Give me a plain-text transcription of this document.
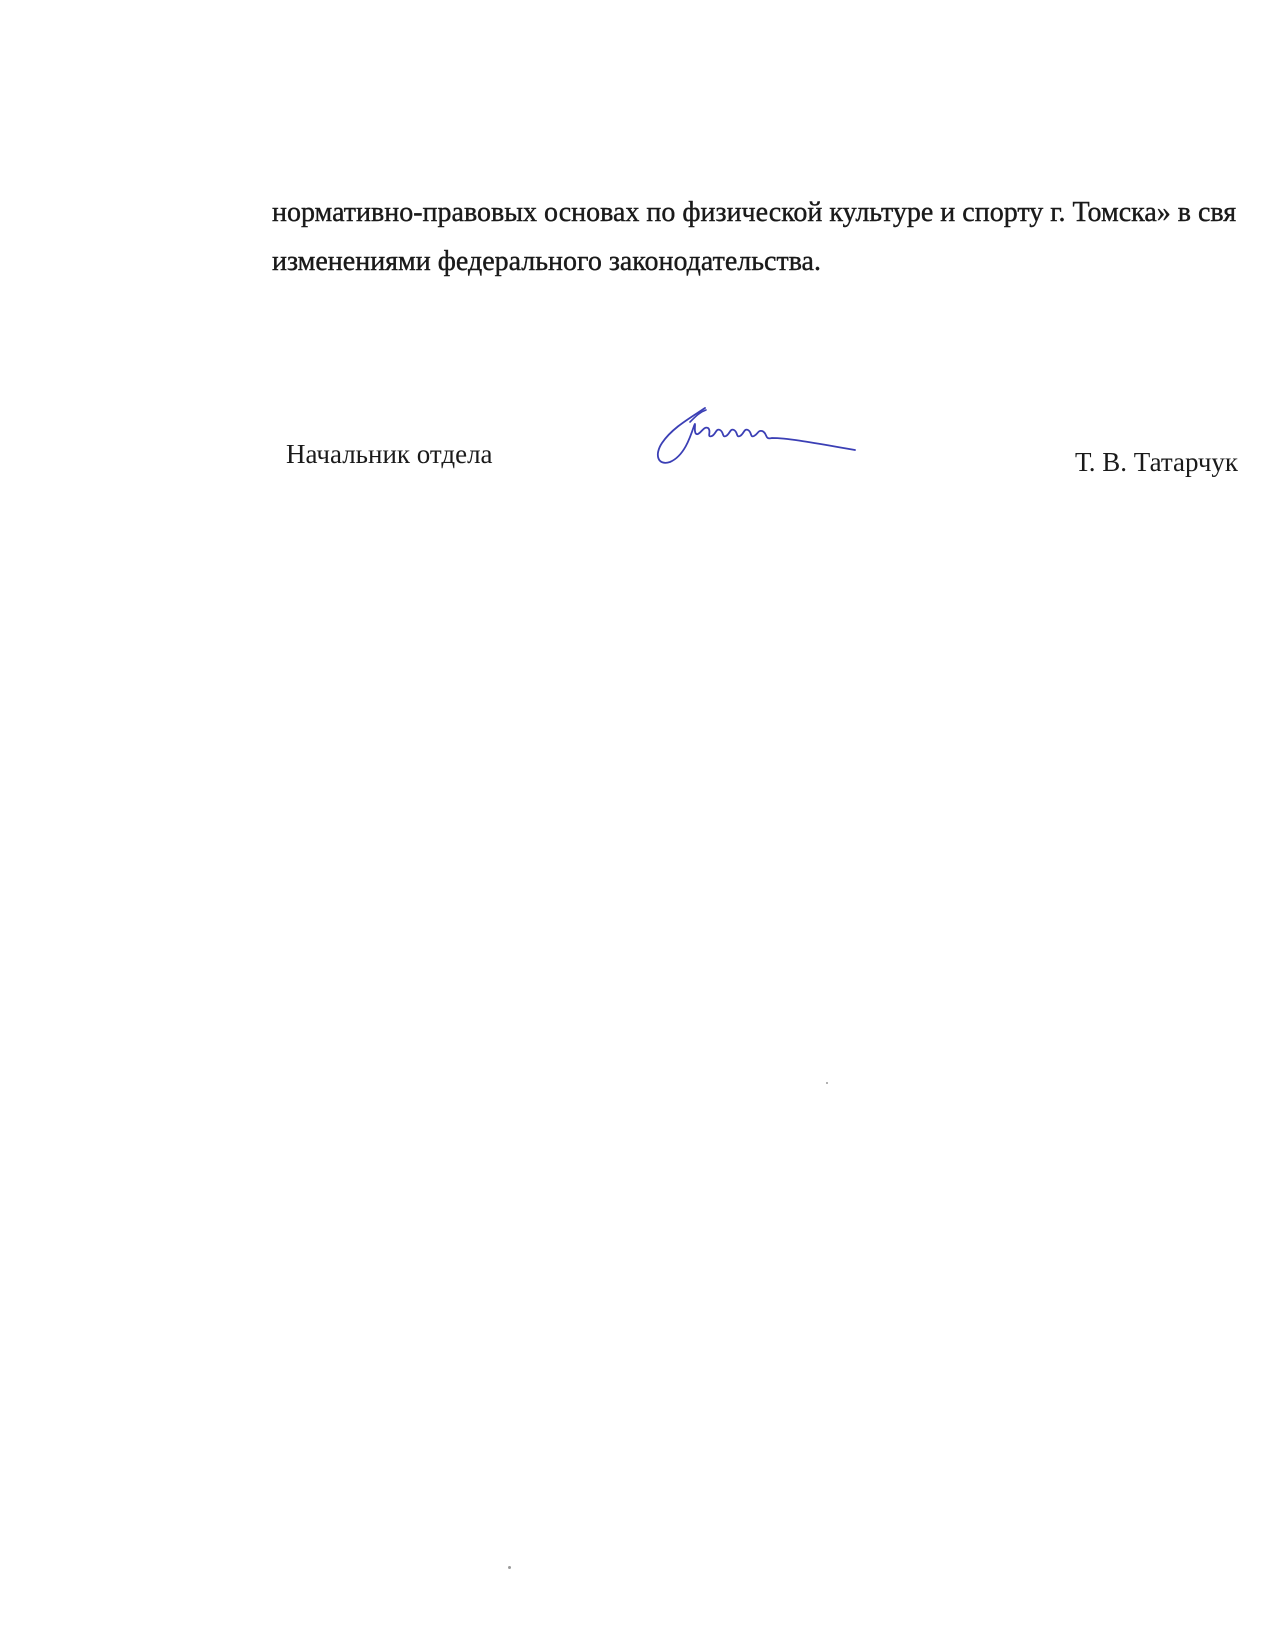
нормативно-правовых основах по физической культуре и спорту г. Томска» в свя
изменениями федерального законодательства.
Начальник отдела	Т. В. Татарчук
